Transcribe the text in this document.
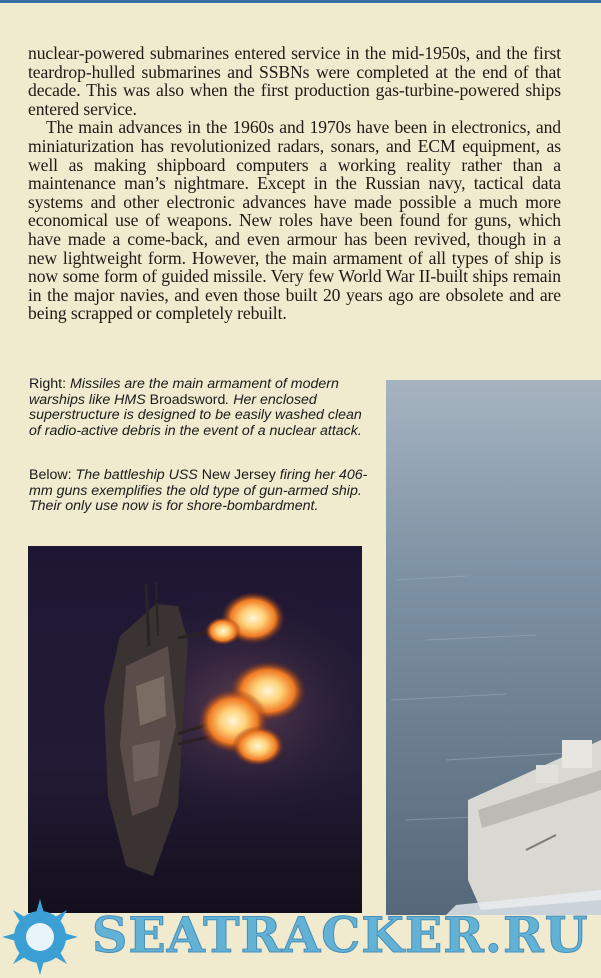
nuclear-powered submarines entered service in the mid-1950s, and the first teardrop-hulled submarines and SSBNs were completed at the end of that decade. This was also when the first production gas-turbine-powered ships entered service.

The main advances in the 1960s and 1970s have been in electronics, and miniaturization has revolutionized radars, sonars, and ECM equipment, as well as making shipboard computers a working reality rather than a maintenance man’s nightmare. Except in the Russian navy, tactical data systems and other electronic advances have made possible a much more economical use of weapons. New roles have been found for guns, which have made a come-back, and even armour has been revived, though in a new lightweight form. However, the main armament of all types of ship is now some form of guided missile. Very few World War II-built ships remain in the major navies, and even those built 20 years ago are obsolete and are being scrapped or completely rebuilt.

Right: Missiles are the main armament of modern warships like HMS Broadsword. Her enclosed superstructure is designed to be easily washed clean of radio-active debris in the event of a nuclear attack.

Below: The battleship USS New Jersey firing her 406-mm guns exemplifies the old type of gun-armed ship. Their only use now is for shore-bombardment.

SEATRACKER.RU
